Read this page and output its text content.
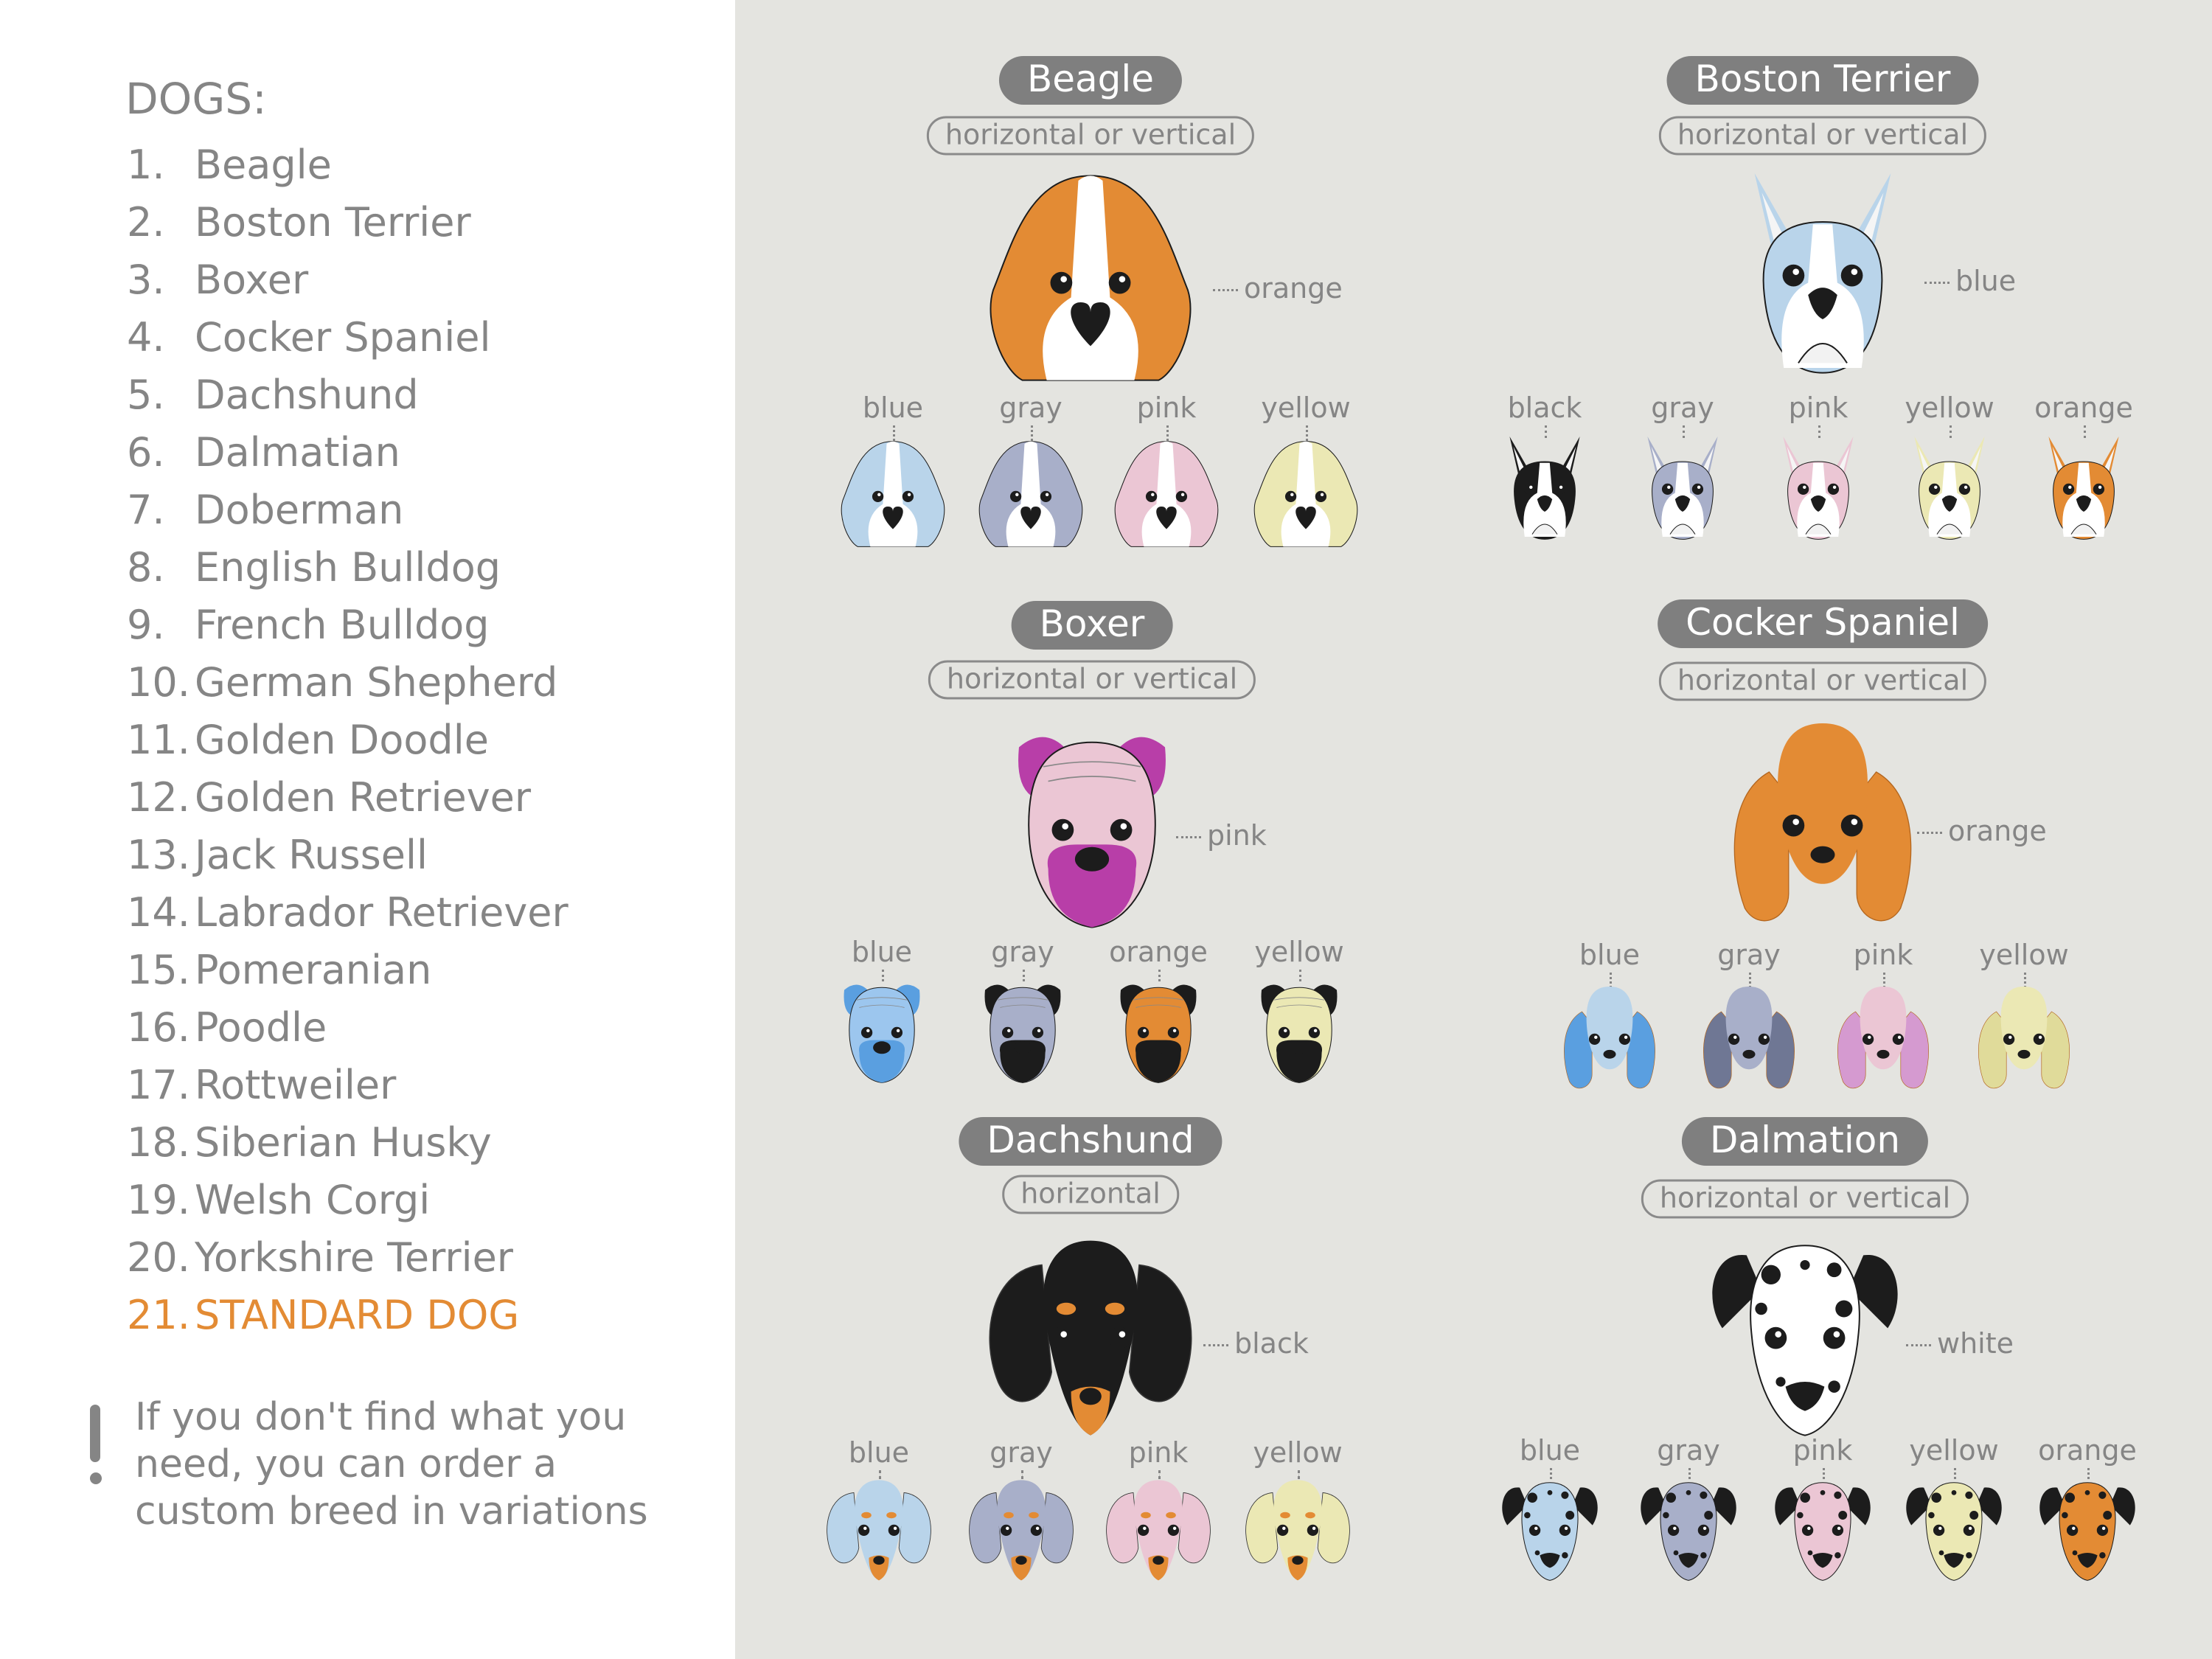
DOGS:
1. Beagle
2. Boston Terrier
3. Boxer
4. Cocker Spaniel
5. Dachshund
6. Dalmatian
7. Doberman
8. English Bulldog
9. French Bulldog
10. German Shepherd
11. Golden Doodle
12. Golden Retriever
13. Jack Russell
14. Labrador Retriever
15. Pomeranian
16. Poodle
17. Rottweiler
18. Siberian Husky
19. Welsh Corgi
20. Yorkshire Terrier
21. STANDARD DOG
If you don't find what you need, you can order a custom breed in variations
Beagle
horizontal or vertical
orange
blue	gray	pink yellow
Boston Terrier
horizontal or vertical
blue
black gray	pink yellow orange
Boxer
horizontal or vertical
pink
blue	gray orange yellow
Cocker Spaniel
horizontal or vertical
orange
blue	gray	pink yellow
Dachshund
horizontal
black
blue	gray	pink yellow
Dalmation
horizontal or vertical
white
blue	gray	pink yellow orange
